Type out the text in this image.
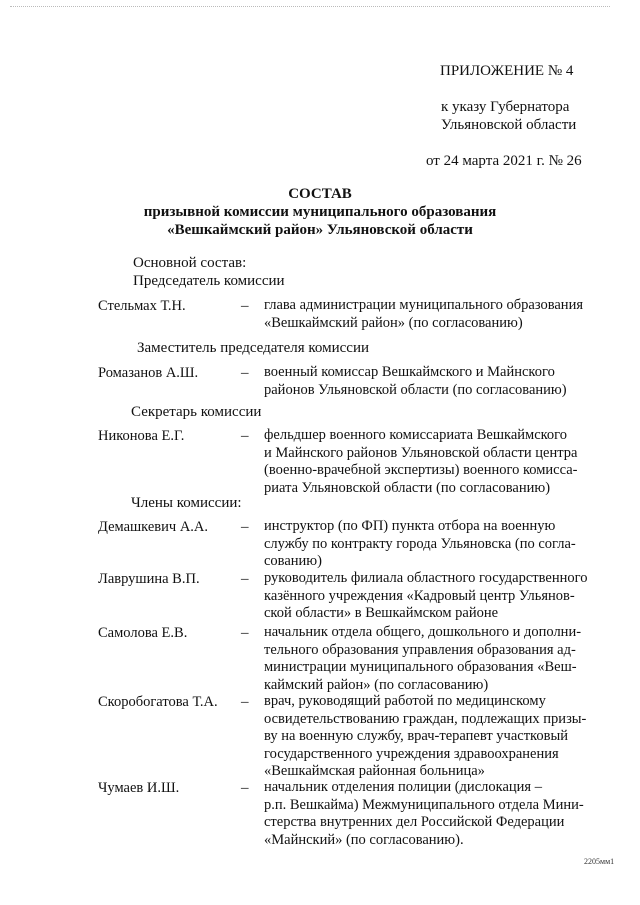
ПРИЛОЖЕНИЕ № 4
к указу Губернатора
Ульяновской области
от 24 марта 2021 г. № 26
СОСТАВ
призывной комиссии муниципального образования
«Вешкаймский район» Ульяновской области
Основной состав:
Председатель комиссии
Стельмах Т.Н.	– глава администрации муниципального образования
«Вешкаймский район» (по согласованию)
Заместитель председателя комиссии
Ромазанов А.Ш.	– военный комиссар Вешкаймского и Майнского
районов Ульяновской области (по согласованию)
Секретарь комиссии
Никонова Е.Г.	– фельдшер военного комиссариата Вешкаймского
и Майнского районов Ульяновской области центра
(военно-врачебной экспертизы) военного комисса-
риата Ульяновской области (по согласованию)
Члены комиссии:
Демашкевич А.А. – инструктор (по ФП) пункта отбора на военную
службу по контракту города Ульяновска (по согла-
сованию)
Лаврушина В.П.	– руководитель филиала областного государственного
казённого учреждения «Кадровый центр Ульянов-
ской области» в Вешкаймском районе
Самолова Е.В.	– начальник отдела общего, дошкольного и дополни-
тельного образования управления образования ад-
министрации муниципального образования «Веш-
каймский район» (по согласованию)
Скоробогатова Т.А. – врач, руководящий работой по медицинскому
освидетельствованию граждан, подлежащих призы-
ву на военную службу, врач-терапевт участковый
государственного учреждения здравоохранения
«Вешкаймская районная больница»
Чумаев И.Ш.	– начальник отделения полиции (дислокация –
р.п. Вешкайма) Межмуниципального отдела Мини-
стерства внутренних дел Российской Федерации
«Майнский» (по согласованию).
2205мм1
